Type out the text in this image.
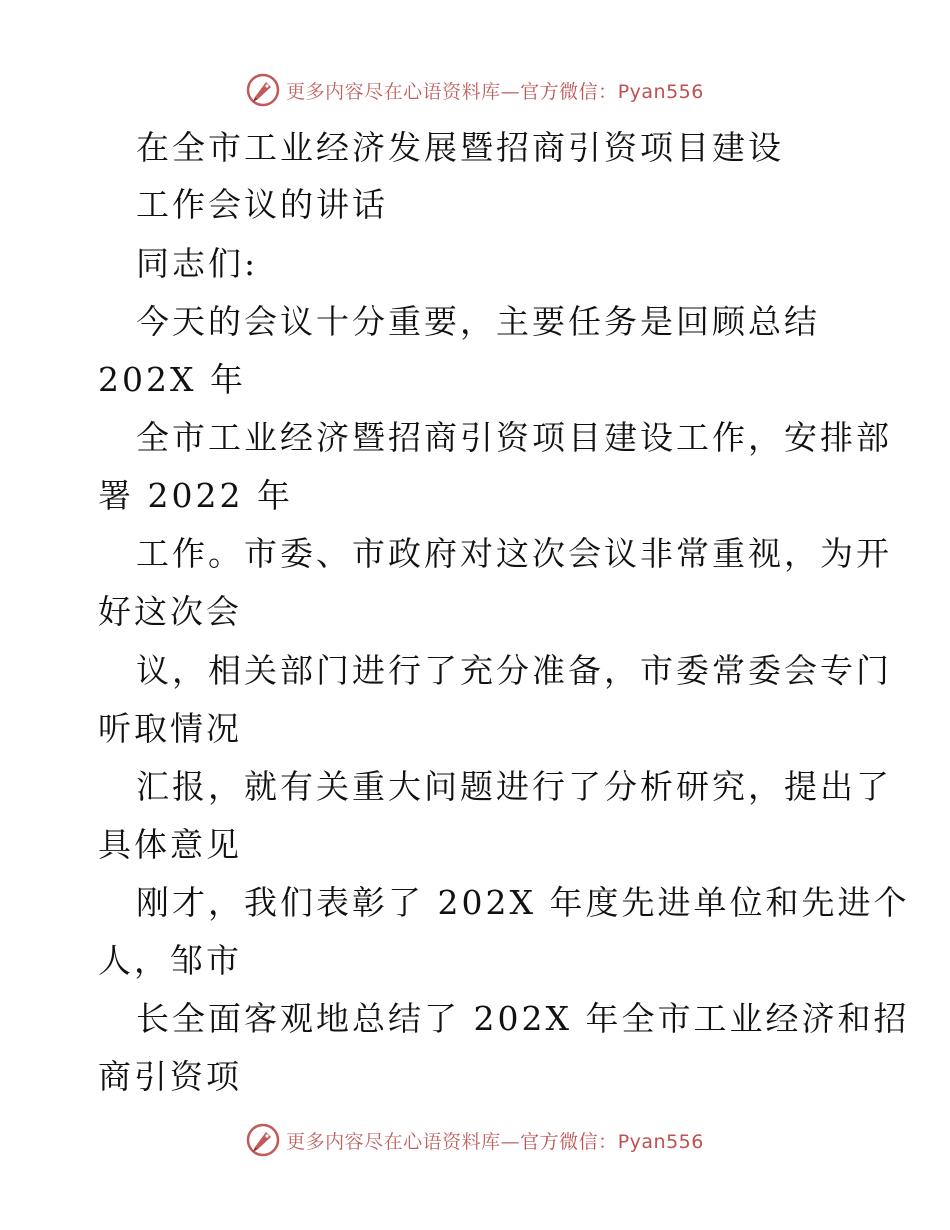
更多内容尽在心语资料库—官方微信：Pyan556
在全市工业经济发展暨招商引资项目建设
工作会议的讲话
同志们:
今天的会议十分重要，主要任务是回顾总结
202X 年
全市工业经济暨招商引资项目建设工作，安排部
署 2022 年
工作。市委、市政府对这次会议非常重视，为开
好这次会
议，相关部门进行了充分准备，市委常委会专门
听取情况
汇报，就有关重大问题进行了分析研究，提出了
具体意见
刚才，我们表彰了 202X 年度先进单位和先进个
人，邹市
长全面客观地总结了 202X 年全市工业经济和招
商引资项
更多内容尽在心语资料库—官方微信：Pyan556
